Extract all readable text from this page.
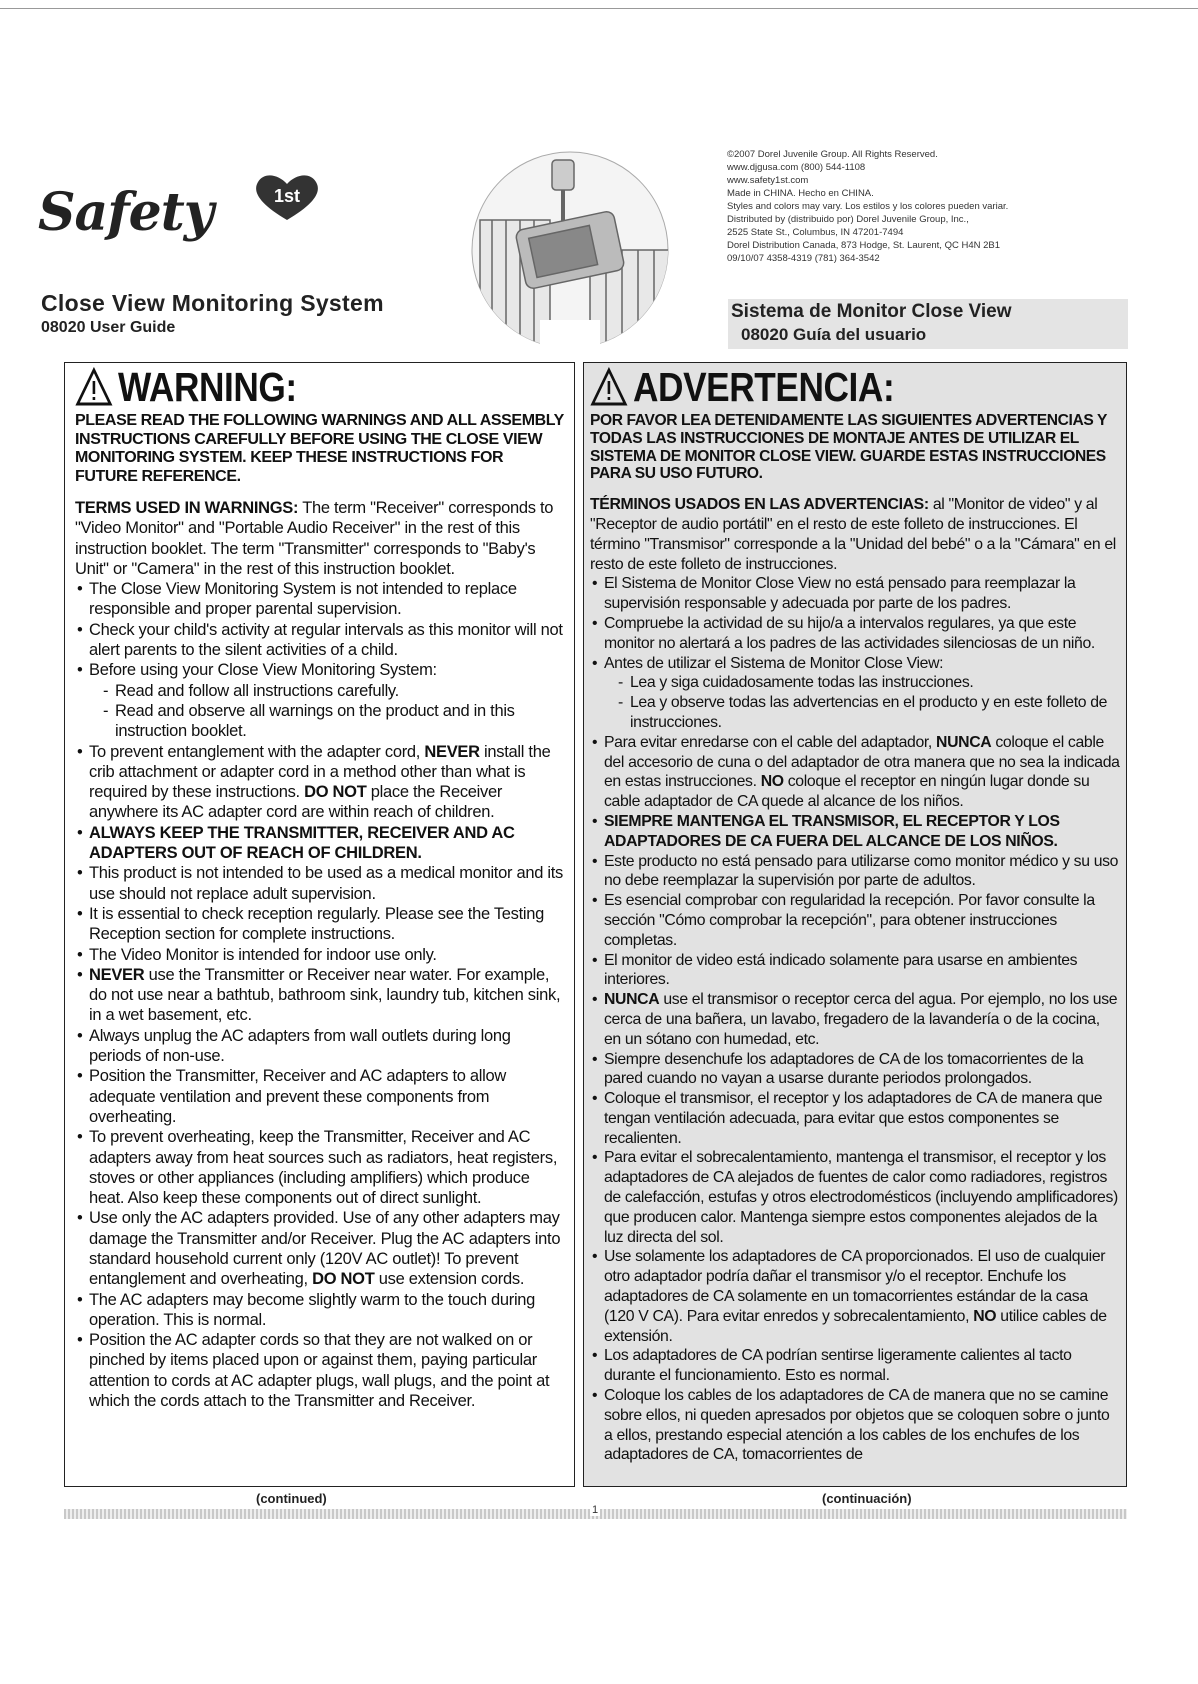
Safety	1st
Close View Monitoring System
08020 User Guide
©2007 Dorel Juvenile Group. All Rights Reserved.
www.djgusa.com (800) 544-1108
www.safety1st.com
Made in CHINA. Hecho en CHINA.
Styles and colors may vary. Los estilos y los colores pueden variar.
Distributed by (distribuido por) Dorel Juvenile Group, Inc.,
2525 State St., Columbus, IN 47201-7494
Dorel Distribution Canada, 873 Hodge, St. Laurent, QC H4N 2B1
09/10/07 4358-4319 (781) 364-3542
Sistema de Monitor Close View
08020 Guía del usuario
WARNING:
PLEASE READ THE FOLLOWING WARNINGS AND ALL ASSEMBLY INSTRUCTIONS CAREFULLY BEFORE USING THE CLOSE VIEW MONITORING SYSTEM. KEEP THESE INSTRUCTIONS FOR FUTURE REFERENCE.
TERMS USED IN WARNINGS: The term "Receiver" corresponds to "Video Monitor" and "Portable Audio Receiver" in the rest of this instruction booklet. The term "Transmitter" corresponds to "Baby's Unit" or "Camera" in the rest of this instruction booklet.
• The Close View Monitoring System is not intended to replace responsible and proper parental supervision.
• Check your child's activity at regular intervals as this monitor will not alert parents to the silent activities of a child.
• Before using your Close View Monitoring System:
- Read and follow all instructions carefully.
- Read and observe all warnings on the product and in this instruction booklet.
• To prevent entanglement with the adapter cord, NEVER install the crib attachment or adapter cord in a method other than what is required by these instructions. DO NOT place the Receiver anywhere its AC adapter cord are within reach of children.
• ALWAYS KEEP THE TRANSMITTER, RECEIVER AND AC ADAPTERS OUT OF REACH OF CHILDREN.
• This product is not intended to be used as a medical monitor and its use should not replace adult supervision.
• It is essential to check reception regularly. Please see the Testing Reception section for complete instructions.
• The Video Monitor is intended for indoor use only.
• NEVER use the Transmitter or Receiver near water. For example, do not use near a bathtub, bathroom sink, laundry tub, kitchen sink, in a wet basement, etc.
• Always unplug the AC adapters from wall outlets during long periods of non-use.
• Position the Transmitter, Receiver and AC adapters to allow adequate ventilation and prevent these components from overheating.
• To prevent overheating, keep the Transmitter, Receiver and AC adapters away from heat sources such as radiators, heat registers, stoves or other appliances (including amplifiers) which produce heat. Also keep these components out of direct sunlight.
• Use only the AC adapters provided. Use of any other adapters may damage the Transmitter and/or Receiver. Plug the AC adapters into standard household current only (120V AC outlet)! To prevent entanglement and overheating, DO NOT use extension cords.
• The AC adapters may become slightly warm to the touch during operation. This is normal.
• Position the AC adapter cords so that they are not walked on or pinched by items placed upon or against them, paying particular attention to cords at AC adapter plugs, wall plugs, and the point at which the cords attach to the Transmitter and Receiver.
ADVERTENCIA:
POR FAVOR LEA DETENIDAMENTE LAS SIGUIENTES ADVERTENCIAS Y TODAS LAS INSTRUCCIONES DE MONTAJE ANTES DE UTILIZAR EL SISTEMA DE MONITOR CLOSE VIEW. GUARDE ESTAS INSTRUCCIONES PARA SU USO FUTURO.
TÉRMINOS USADOS EN LAS ADVERTENCIAS: al "Monitor de video" y al "Receptor de audio portátil" en el resto de este folleto de instrucciones. El término "Transmisor" corresponde a la "Unidad del bebé" o a la "Cámara" en el resto de este folleto de instrucciones.
• El Sistema de Monitor Close View no está pensado para reemplazar la supervisión responsable y adecuada por parte de los padres.
• Compruebe la actividad de su hijo/a a intervalos regulares, ya que este monitor no alertará a los padres de las actividades silenciosas de un niño.
• Antes de utilizar el Sistema de Monitor Close View:
- Lea y siga cuidadosamente todas las instrucciones.
- Lea y observe todas las advertencias en el producto y en este folleto de instrucciones.
• Para evitar enredarse con el cable del adaptador, NUNCA coloque el cable del accesorio de cuna o del adaptador de otra manera que no sea la indicada en estas instrucciones. NO coloque el receptor en ningún lugar donde su cable adaptador de CA quede al alcance de los niños.
• SIEMPRE MANTENGA EL TRANSMISOR, EL RECEPTOR Y LOS ADAPTADORES DE CA FUERA DEL ALCANCE DE LOS NIÑOS.
• Este producto no está pensado para utilizarse como monitor médico y su uso no debe reemplazar la supervisión por parte de adultos.
• Es esencial comprobar con regularidad la recepción. Por favor consulte la sección "Cómo comprobar la recepción", para obtener instrucciones completas.
• El monitor de video está indicado solamente para usarse en ambientes interiores.
• NUNCA use el transmisor o receptor cerca del agua. Por ejemplo, no los use cerca de una bañera, un lavabo, fregadero de la lavandería o de la cocina, en un sótano con humedad, etc.
• Siempre desenchufe los adaptadores de CA de los tomacorrientes de la pared cuando no vayan a usarse durante periodos prolongados.
• Coloque el transmisor, el receptor y los adaptadores de CA de manera que tengan ventilación adecuada, para evitar que estos componentes se recalienten.
• Para evitar el sobrecalentamiento, mantenga el transmisor, el receptor y los adaptadores de CA alejados de fuentes de calor como radiadores, registros de calefacción, estufas y otros electrodomésticos (incluyendo amplificadores) que producen calor. Mantenga siempre estos componentes alejados de la luz directa del sol.
• Use solamente los adaptadores de CA proporcionados. El uso de cualquier otro adaptador podría dañar el transmisor y/o el receptor. Enchufe los adaptadores de CA solamente en un tomacorrientes estándar de la casa (120 V CA). Para evitar enredos y sobrecalentamiento, NO utilice cables de extensión.
• Los adaptadores de CA podrían sentirse ligeramente calientes al tacto durante el funcionamiento. Esto es normal.
• Coloque los cables de los adaptadores de CA de manera que no se camine sobre ellos, ni queden apresados por objetos que se coloquen sobre o junto a ellos, prestando especial atención a los cables de los enchufes de los adaptadores de CA, tomacorrientes de
(continued)	(continuación)
1
